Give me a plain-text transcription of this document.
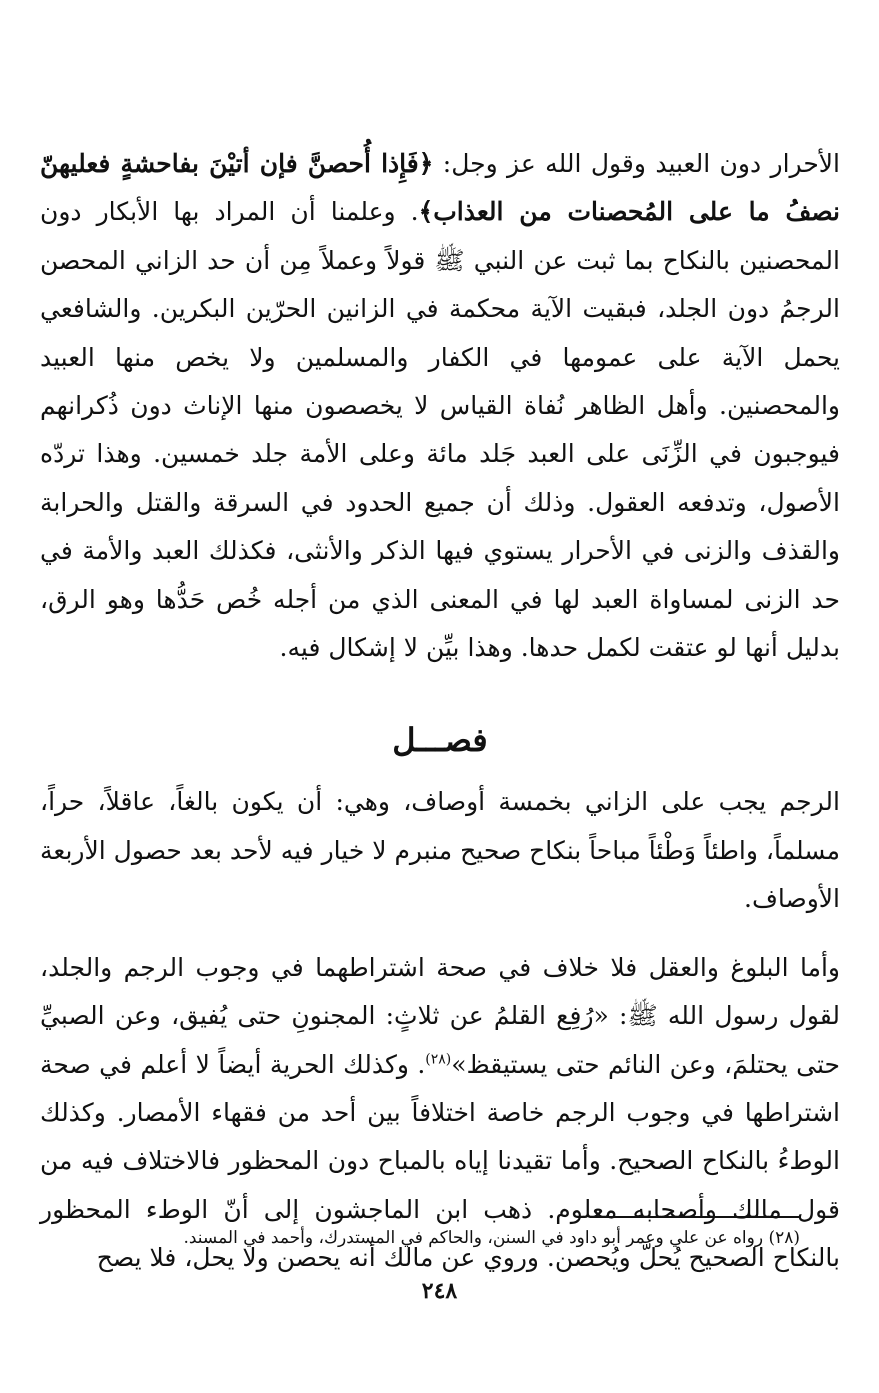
الأحرار دون العبيد وقول الله عز وجل: ﴿فَإِذا أُحصنَّ فإن أتيْنَ بفاحشةٍ فعليهنّ نصفُ ما على المُحصنات من العذاب﴾. وعلمنا أن المراد بها الأبكار دون المحصنين بالنكاح بما ثبت عن النبي ﷺ قولاً وعملاً مِن أن حد الزاني المحصن الرجمُ دون الجلد، فبقيت الآية محكمة في الزانين الحرّين البكرين. والشافعي يحمل الآية على عمومها في الكفار والمسلمين ولا يخص منها العبيد والمحصنين. وأهل الظاهر نُفاة القياس لا يخصصون منها الإناث دون ذُكرانهم فيوجبون في الزِّنَى على العبد جَلد مائة وعلى الأمة جلد خمسين. وهذا تردّه الأصول، وتدفعه العقول. وذلك أن جميع الحدود في السرقة والقتل والحرابة والقذف والزنى في الأحرار يستوي فيها الذكر والأنثى، فكذلك العبد والأمة في حد الزنى لمساواة العبد لها في المعنى الذي من أجله خُص حَدُّها وهو الرق، بدليل أنها لو عتقت لكمل حدها. وهذا بيِّن لا إشكال فيه.

فصـــل

الرجم يجب على الزاني بخمسة أوصاف، وهي: أن يكون بالغاً، عاقلاً، حراً، مسلماً، واطئاً وَطْئاً مباحاً بنكاح صحيح منبرم لا خيار فيه لأحد بعد حصول الأربعة الأوصاف.

وأما البلوغ والعقل فلا خلاف في صحة اشتراطهما في وجوب الرجم والجلد، لقول رسول الله ﷺ: «رُفِع القلمُ عن ثلاثٍ: المجنونِ حتى يُفيق، وعن الصبيِّ حتى يحتلمَ، وعن النائم حتى يستيقظ»$^{(٢٨)}$. وكذلك الحرية أيضاً لا أعلم في صحة اشتراطها في وجوب الرجم خاصة اختلافاً بين أحد من فقهاء الأمصار. وكذلك الوطءُ بالنكاح الصحيح. وأما تقيدنا إياه بالمباح دون المحظور فالاختلاف فيه من قول مالك وأصحابه معلوم. ذهب ابن الماجشون إلى أنّ الوطء المحظور بالنكاح الصحيح يُحلّ ويُحصن. وروي عن مالك أنه يحصن ولا يحل، فلا يصح

(٢٨) رواه عن علي وعمر أبو داود في السنن، والحاكم في المستدرك، وأحمد في المسند.
٢٤٨
